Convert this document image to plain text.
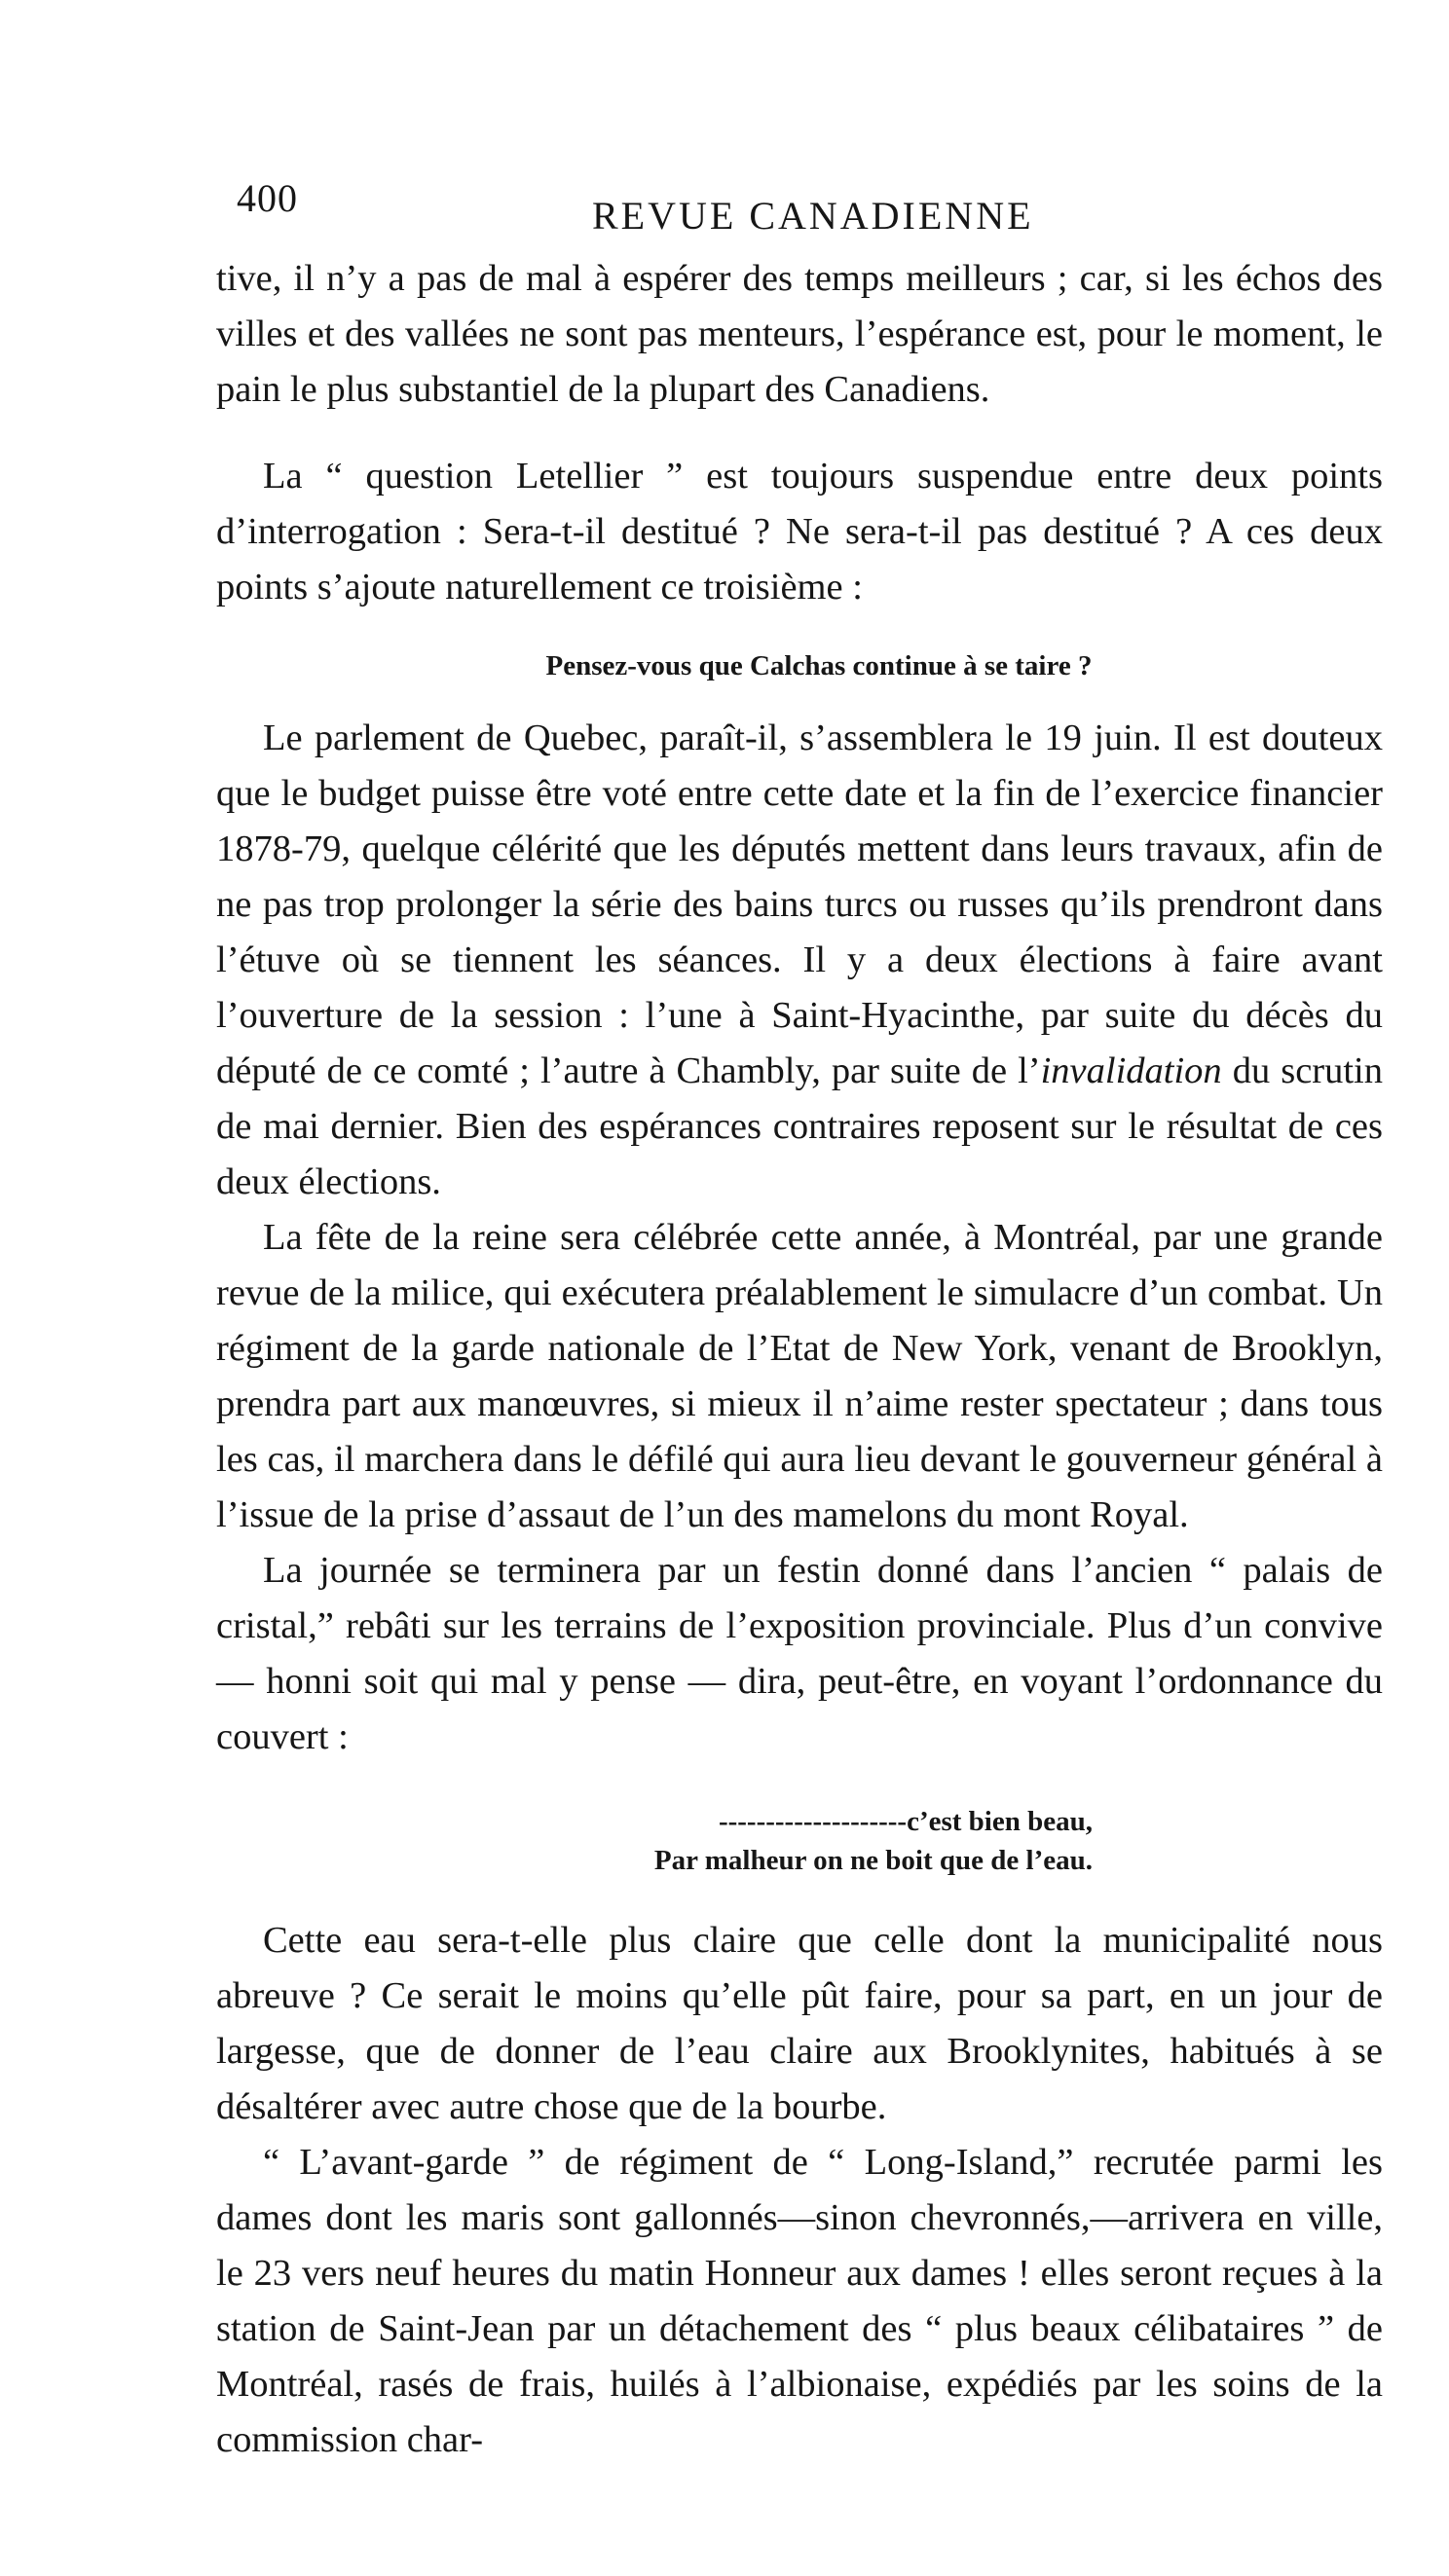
400	REVUE CANADIENNE

tive, il n’y a pas de mal à espérer des temps meilleurs ; car, si les échos des villes et des vallées ne sont pas menteurs, l’espérance est, pour le moment, le pain le plus substantiel de la plupart des Canadiens.

La “ question Letellier ” est toujours suspendue entre deux points d’interrogation : Sera-t-il destitué ? Ne sera-t-il pas destitué ? A ces deux points s’ajoute naturellement ce troisième :

Pensez-vous que Calchas continue à se taire ?

Le parlement de Quebec, paraît-il, s’assemblera le 19 juin. Il est douteux que le budget puisse être voté entre cette date et la fin de l’exercice financier 1878-79, quelque célérité que les députés mettent dans leurs travaux, afin de ne pas trop prolonger la série des bains turcs ou russes qu’ils prendront dans l’étuve où se tiennent les séances. Il y a deux élections à faire avant l’ouverture de la session : l’une à Saint-Hyacinthe, par suite du décès du député de ce comté ; l’autre à Chambly, par suite de l’invalidation du scrutin de mai dernier. Bien des espérances contraires reposent sur le résultat de ces deux élections.

La fête de la reine sera célébrée cette année, à Montréal, par une grande revue de la milice, qui exécutera préalablement le simulacre d’un combat. Un régiment de la garde nationale de l’Etat de New York, venant de Brooklyn, prendra part aux manœuvres, si mieux il n’aime rester spectateur ; dans tous les cas, il marchera dans le défilé qui aura lieu devant le gouverneur général à l’issue de la prise d’assaut de l’un des mamelons du mont Royal.

La journée se terminera par un festin donné dans l’ancien “ palais de cristal,” rebâti sur les terrains de l’exposition provinciale. Plus d’un convive — honni soit qui mal y pense — dira, peut-être, en voyant l’ordonnance du couvert :

--------------------c’est bien beau,

Par malheur on ne boit que de l’eau.

Cette eau sera-t-elle plus claire que celle dont la municipalité nous abreuve ? Ce serait le moins qu’elle pût faire, pour sa part, en un jour de largesse, que de donner de l’eau claire aux Brooklynites, habitués à se désaltérer avec autre chose que de la bourbe.

“ L’avant-garde ” de régiment de “ Long-Island,” recrutée parmi les dames dont les maris sont gallonnés—sinon chevronnés,—arrivera en ville, le 23 vers neuf heures du matin Honneur aux dames ! elles seront reçues à la station de Saint-Jean par un détachement des “ plus beaux célibataires ” de Montréal, rasés de frais, huilés à l’albionaise, expédiés par les soins de la commission char-
